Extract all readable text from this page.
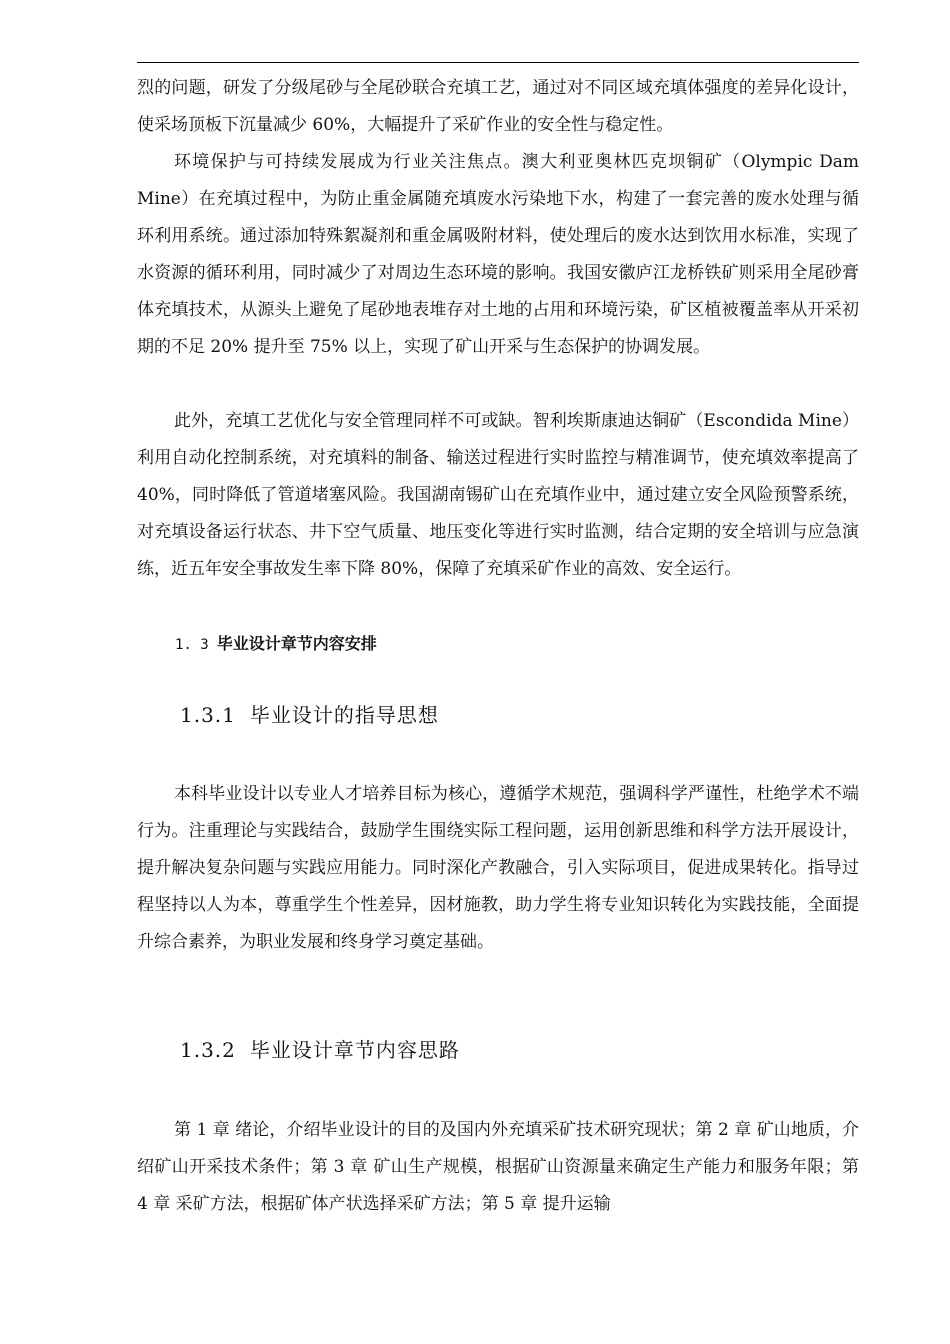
烈的问题，研发了分级尾砂与全尾砂联合充填工艺，通过对不同区域充填体强度的差异化设计，使采场顶板下沉量减少 60%，大幅提升了采矿作业的安全性与稳定性。

环境保护与可持续发展成为行业关注焦点。澳大利亚奥林匹克坝铜矿（Olympic Dam Mine）在充填过程中，为防止重金属随充填废水污染地下水，构建了一套完善的废水处理与循环利用系统。通过添加特殊絮凝剂和重金属吸附材料，使处理后的废水达到饮用水标准，实现了水资源的循环利用，同时减少了对周边生态环境的影响。我国安徽庐江龙桥铁矿则采用全尾砂膏体充填技术，从源头上避免了尾砂地表堆存对土地的占用和环境污染，矿区植被覆盖率从开采初期的不足 20% 提升至 75% 以上，实现了矿山开采与生态保护的协调发展。

此外，充填工艺优化与安全管理同样不可或缺。智利埃斯康迪达铜矿（Escondida Mine）利用自动化控制系统，对充填料的制备、输送过程进行实时监控与精准调节，使充填效率提高了 40%，同时降低了管道堵塞风险。我国湖南锡矿山在充填作业中，通过建立安全风险预警系统，对充填设备运行状态、井下空气质量、地压变化等进行实时监测，结合定期的安全培训与应急演练，近五年安全事故发生率下降 80%，保障了充填采矿作业的高效、安全运行。

1. 3 毕业设计章节内容安排
1.3.1 毕业设计的指导思想

本科毕业设计以专业人才培养目标为核心，遵循学术规范，强调科学严谨性，杜绝学术不端行为。注重理论与实践结合，鼓励学生围绕实际工程问题，运用创新思维和科学方法开展设计，提升解决复杂问题与实践应用能力。同时深化产教融合，引入实际项目，促进成果转化。指导过程坚持以人为本，尊重学生个性差异，因材施教，助力学生将专业知识转化为实践技能，全面提升综合素养，为职业发展和终身学习奠定基础。

1.3.2 毕业设计章节内容思路

第 1 章 绪论，介绍毕业设计的目的及国内外充填采矿技术研究现状；第 2 章 矿山地质，介绍矿山开采技术条件；第 3 章 矿山生产规模，根据矿山资源量来确定生产能力和服务年限；第 4 章 采矿方法，根据矿体产状选择采矿方法；第 5 章 提升运输
